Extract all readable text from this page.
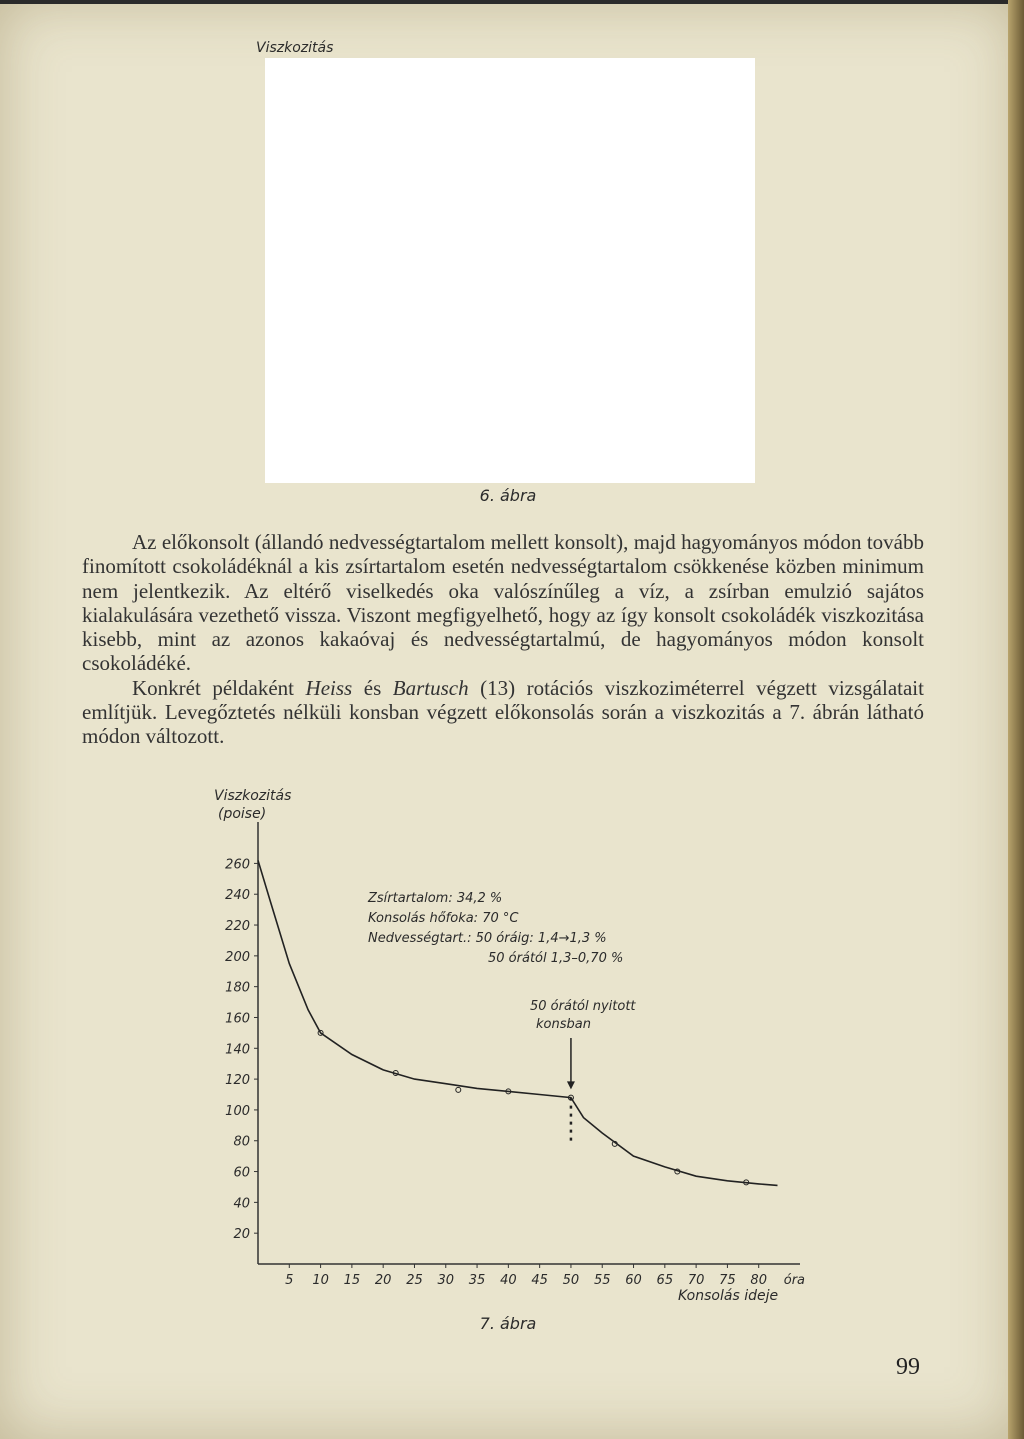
Viszkozitás
6. ábra

Az előkonsolt (állandó nedvességtartalom mellett konsolt), majd hagyományos módon tovább finomított csokoládéknál a kis zsírtartalom esetén nedvességtartalom csökkenése közben minimum nem jelentkezik. Az eltérő viselkedés oka valószínűleg a víz, a zsírban emulzió sajátos kialakulására vezethető vissza. Viszont megfigyelhető, hogy az így konsolt csokoládék viszkozitása kisebb, mint az azonos kakaóvaj és nedvességtartalmú, de hagyományos módon konsolt csokoládéké.

Konkrét példaként Heiss és Bartusch (13) rotációs viszkoziméterrel végzett vizsgálatait említjük. Levegőztetés nélküli konsban végzett előkonsolás során a viszkozitás a 7. ábrán látható módon változott.

Viszkozitás
(poise)
260
240
220
200
180
160
140
120
100
80
60
40
20
5 10 15 20 25 30 35 40 45 50 55 60 65 70 75 80 óra
Konsolás ideje
Zsírtartalom: 34,2 %
Konsolás hőfoka: 70 °C
Nedvességtart.: 50 óráig: 1,4→1,3 %
50 órától 1,3–0,70 %
50 órától nyitott
konsban
7. ábra
99
